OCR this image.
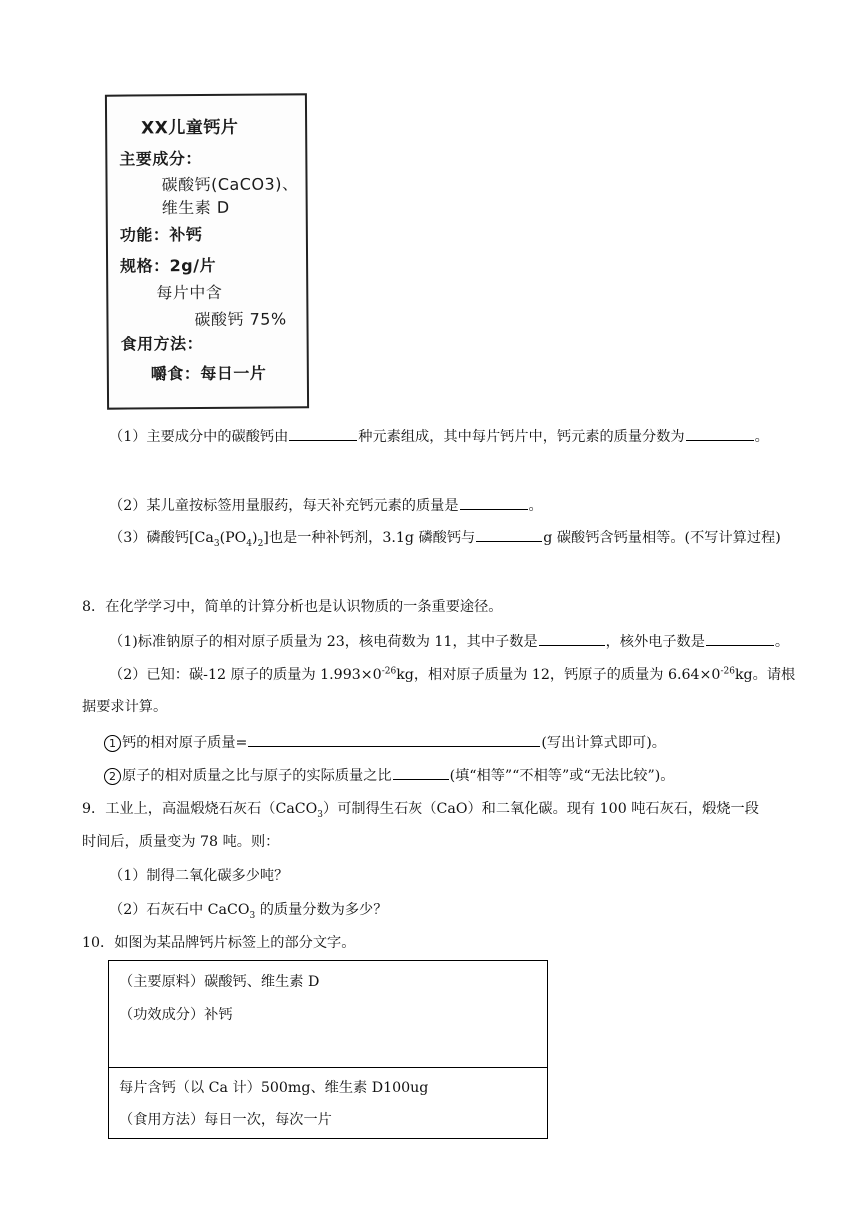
XX儿童钙片
主要成分：
碳酸钙(CaCO3)、
维生素 D
功能：补钙
规格：2g/片
每片中含
碳酸钙 75%
食用方法：
嚼食：每日一片
（1）主要成分中的碳酸钙由	种元素组成，其中每片钙片中，钙元素的质量分数为	。
（2）某儿童按标签用量服药，每天补充钙元素的质量是	。
（3）磷酸钙$[Ca_3(PO_4)_2]$也是一种补钙剂，3.1g 磷酸钙与	g 碳酸钙含钙量相等。(不写计算过程)
8．在化学学习中，简单的计算分析也是认识物质的一条重要途径。
（1)标准钠原子的相对原子质量为 23，核电荷数为 11，其中子数是	，核外电子数是	。
（2）已知：碳-12 原子的质量为 $1.993\times 0^{-26}kg$，相对原子质量为 12，钙原子的质量为 $6.64\times 0^{-26}kg$。请根
据要求计算。
1 钙的相对原子质量=	(写出计算式即可)。
2 原子的相对质量之比与原子的实际质量之比	(填“相等”“不相等”或“无法比较”)。
9．工业上，高温煅烧石灰石（CaCO$_3$）可制得生石灰（CaO）和二氧化碳。现有 100 吨石灰石，煅烧一段
时间后，质量变为 78 吨。则：
（1）制得二氧化碳多少吨？
（2）石灰石中 CaCO$_3$ 的质量分数为多少？
10．如图为某品牌钙片标签上的部分文字。
（主要原料）碳酸钙、维生素 D
（功效成分）补钙
每片含钙（以 Ca 计）500mg、维生素 D100ug
（食用方法）每日一次，每次一片
